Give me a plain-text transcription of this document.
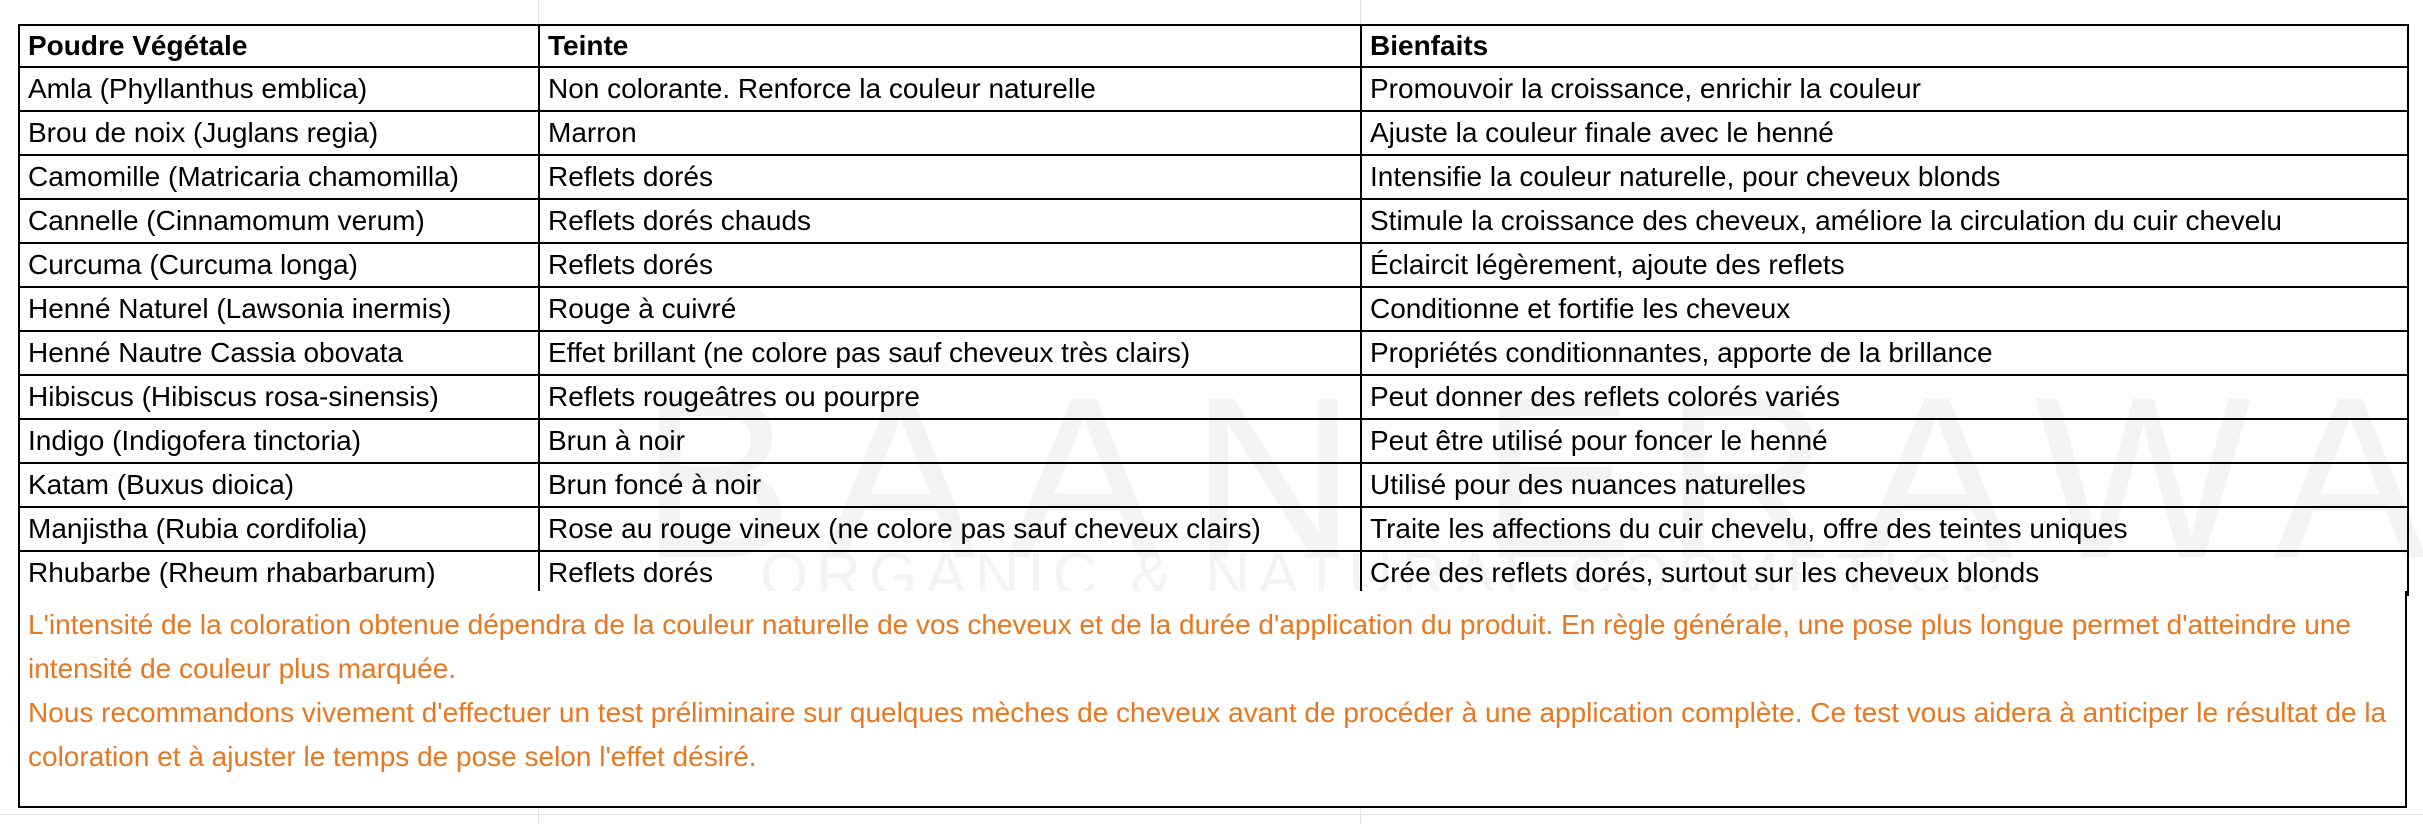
Poudre Végétale	Teinte	Bienfaits
Amla (Phyllanthus emblica)	Non colorante. Renforce la couleur naturelle	Promouvoir la croissance, enrichir la couleur
Brou de noix (Juglans regia)	Marron	Ajuste la couleur finale avec le henné
Camomille (Matricaria chamomilla)	Reflets dorés	Intensifie la couleur naturelle, pour cheveux blonds
Cannelle (Cinnamomum verum)	Reflets dorés chauds	Stimule la croissance des cheveux, améliore la circulation du cuir chevelu
Curcuma (Curcuma longa)	Reflets dorés	Éclaircit légèrement, ajoute des reflets
Henné Naturel (Lawsonia inermis)	Rouge à cuivré	Conditionne et fortifie les cheveux
Henné Nautre Cassia obovata	Effet brillant (ne colore pas sauf cheveux très clairs)	Propriétés conditionnantes, apporte de la brillance
Hibiscus (Hibiscus rosa-sinensis)	Reflets rougeâtres ou pourpre	Peut donner des reflets colorés variés
Indigo (Indigofera tinctoria)	Brun à noir	Peut être utilisé pour foncer le henné
Katam (Buxus dioica)	Brun foncé à noir	Utilisé pour des nuances naturelles
Manjistha (Rubia cordifolia)	Rose au rouge vineux (ne colore pas sauf cheveux clairs)	Traite les affections du cuir chevelu, offre des teintes uniques
Rhubarbe (Rheum rhabarbarum)	Reflets dorés	Crée des reflets dorés, surtout sur les cheveux blonds

L'intensité de la coloration obtenue dépendra de la couleur naturelle de vos cheveux et de la durée d'application du produit. En règle générale, une pose plus longue permet d'atteindre une intensité de couleur plus marquée.

Nous recommandons vivement d'effectuer un test préliminaire sur quelques mèches de cheveux avant de procéder à une application complète. Ce test vous aidera à anticiper le résultat de la coloration et à ajuster le temps de pose selon l'effet désiré.
